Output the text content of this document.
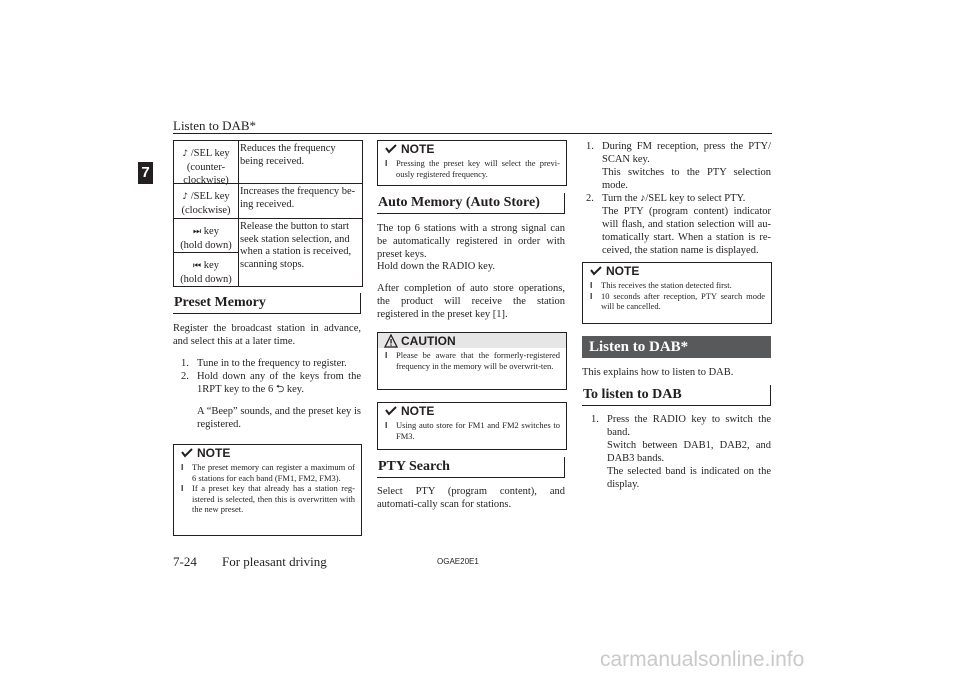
Listen to DAB*
7
♪ /SEL key
(counter-
clockwise)
Reduces the frequency being received.
♪ /SEL key
(clockwise)
Increases the frequency be-ing received.
⏭ key
(hold down)
⏮ key
(hold down)
Release the button to start seek station selection, and when a station is received, scanning stops.
Preset Memory

Register the broadcast station in advance, and select this at a later time.

1. Tune in to the frequency to register.
2. Hold down any of the keys from the 1RPT key to the 6 ⮌ key.
A “Beep” sounds, and the preset key is registered.
NOTE
l The preset memory can register a maximum of 6 stations for each band (FM1, FM2, FM3).
l If a preset key that already has a station reg-istered is selected, then this is overwritten with the new preset.
NOTE
l Pressing the preset key will select the previ-ously registered frequency.
Auto Memory (Auto Store)

The top 6 stations with a strong signal can be automatically registered in order with preset keys.

Hold down the RADIO key.

After completion of auto store operations, the product will receive the station registered in the preset key [1].

CAUTION
l Please be aware that the formerly-registered frequency in the memory will be overwrit-ten.
NOTE
l Using auto store for FM1 and FM2 switches to FM3.
PTY Search

Select PTY (program content), and automati-cally scan for stations.

1. During FM reception, press the PTY/ SCAN key.
This switches to the PTY selection mode.
2. Turn the ♪/SEL key to select PTY.
The PTY (program content) indicator will flash, and station selection will au-tomatically start. When a station is re-ceived, the station name is displayed.
NOTE
l This receives the station detected first.
l 10 seconds after reception, PTY search mode will be cancelled.
Listen to DAB*

This explains how to listen to DAB.

To listen to DAB
1. Press the RADIO key to switch the band.
Switch between DAB1, DAB2, and DAB3 bands.
The selected band is indicated on the display.
7-24 For pleasant driving	OGAE20E1
carmanualsonline.info
